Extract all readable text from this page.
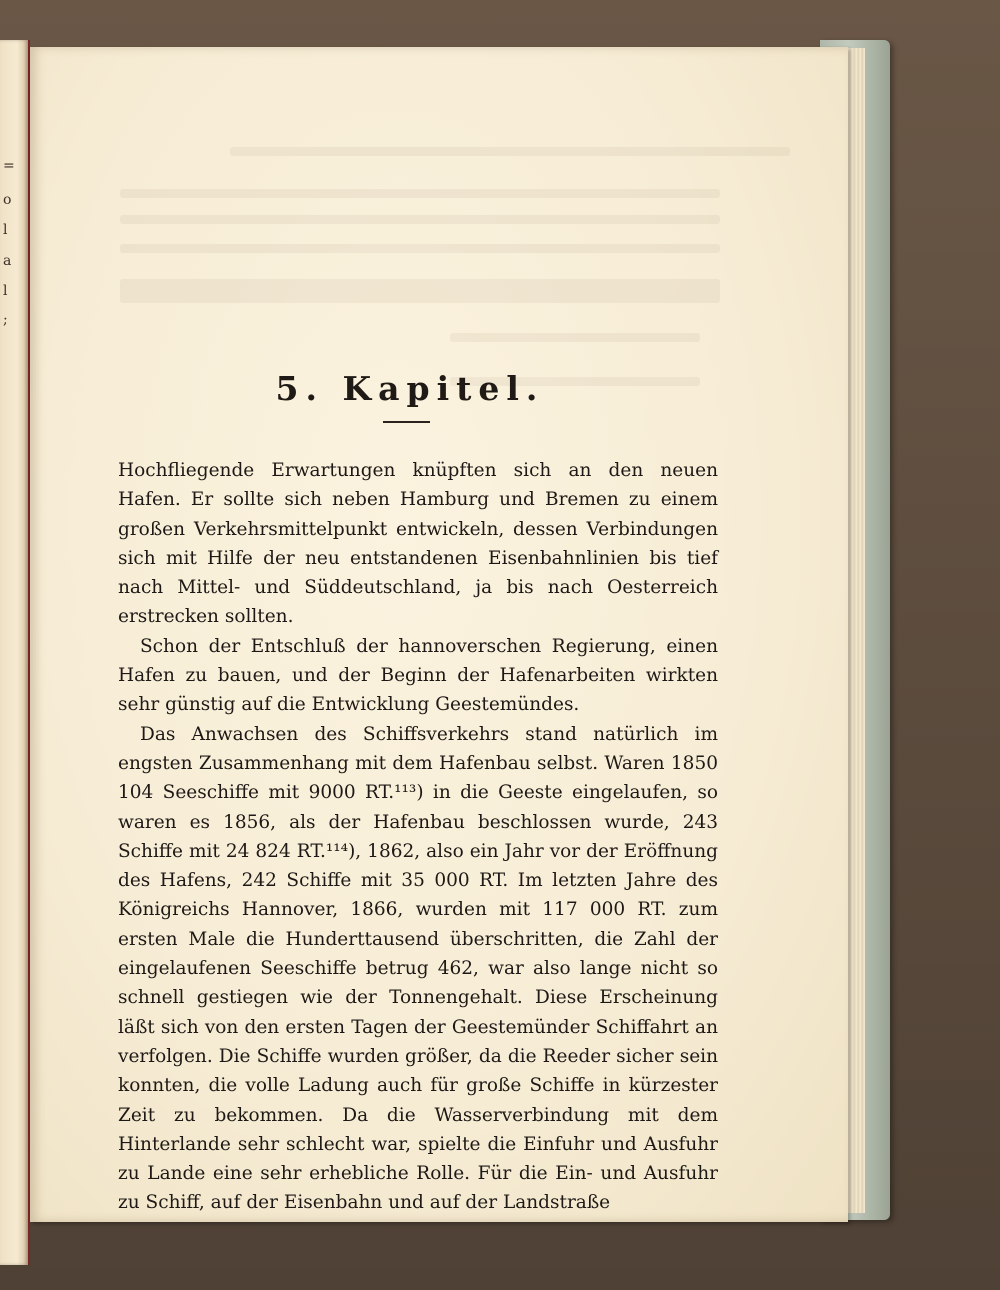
=
o
l
a
l
;
5. Kapitel.

Hochfliegende Erwartungen knüpften sich an den neuen Hafen. Er sollte sich neben Hamburg und Bremen zu einem großen Verkehrsmittelpunkt entwickeln, dessen Verbindungen sich mit Hilfe der neu entstandenen Eisenbahnlinien bis tief nach Mittel- und Süddeutschland, ja bis nach Oesterreich erstrecken sollten.

Schon der Entschluß der hannoverschen Regierung, einen Hafen zu bauen, und der Beginn der Hafenarbeiten wirkten sehr günstig auf die Entwicklung Geestemündes.

Das Anwachsen des Schiffsverkehrs stand natürlich im engsten Zusammenhang mit dem Hafenbau selbst. Waren 1850 104 Seeschiffe mit 9000 RT.¹¹³) in die Geeste eingelaufen, so waren es 1856, als der Hafenbau beschlossen wurde, 243 Schiffe mit 24 824 RT.¹¹⁴), 1862, also ein Jahr vor der Eröffnung des Hafens, 242 Schiffe mit 35 000 RT. Im letzten Jahre des Königreichs Hannover, 1866, wurden mit 117 000 RT. zum ersten Male die Hunderttausend überschritten, die Zahl der eingelaufenen Seeschiffe betrug 462, war also lange nicht so schnell gestiegen wie der Tonnengehalt. Diese Erscheinung läßt sich von den ersten Tagen der Geestemünder Schiffahrt an verfolgen. Die Schiffe wurden größer, da die Reeder sicher sein konnten, die volle Ladung auch für große Schiffe in kürzester Zeit zu bekommen. Da die Wasserverbindung mit dem Hinterlande sehr schlecht war, spielte die Einfuhr und Ausfuhr zu Lande eine sehr erhebliche Rolle. Für die Ein- und Ausfuhr zu Schiff, auf der Eisenbahn und auf der Landstraße
